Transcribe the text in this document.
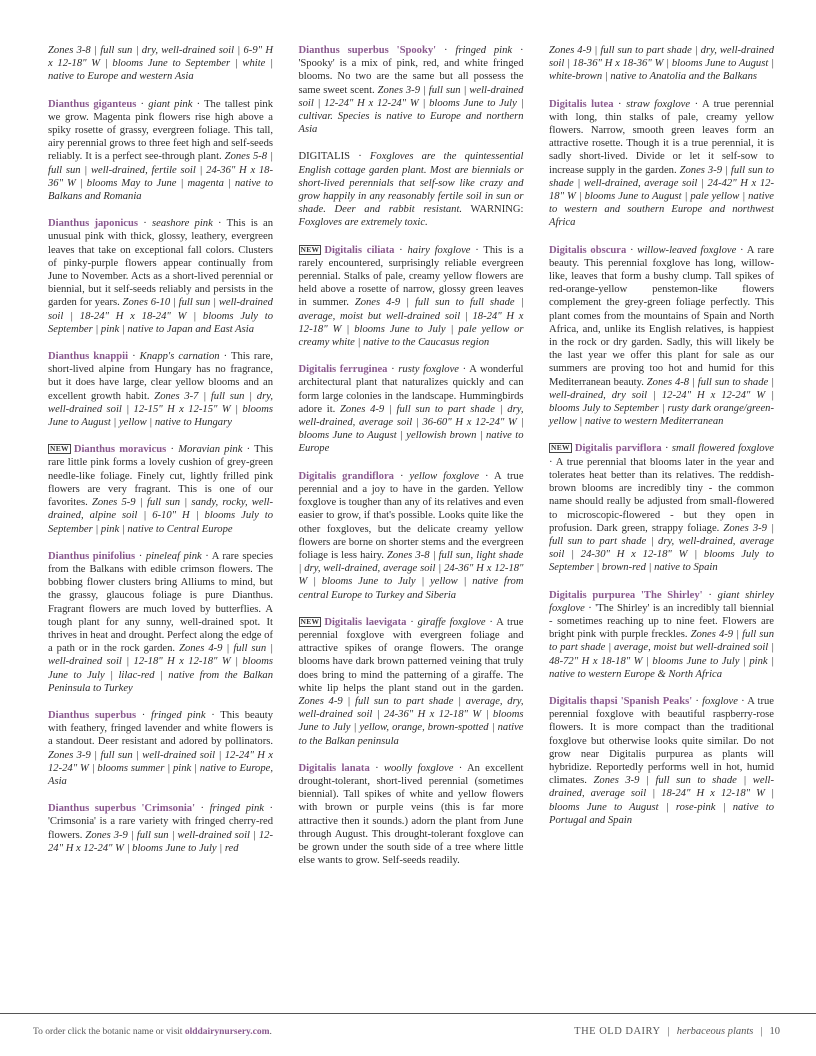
Zones 3-8 | full sun | dry, well-drained soil | 6-9" H x 12-18" W | blooms June to September | white | native to Europe and western Asia

Dianthus giganteus · giant pink · The tallest pink we grow. Magenta pink flowers rise high above a spiky rosette of grassy, evergreen foliage. This tall, airy perennial grows to three feet high and self-seeds reliably. It is a perfect see-through plant. Zones 5-8 | full sun | well-drained, fertile soil | 24-36" H x 18-36" W | blooms May to June | magenta | native to Balkans and Romania

Dianthus japonicus · seashore pink · This is an unusual pink with thick, glossy, leathery, evergreen leaves that take on exceptional fall colors. Clusters of pinky-purple flowers appear continually from June to November. Acts as a short-lived perennial or biennial, but it self-seeds reliably and persists in the garden for years. Zones 6-10 | full sun | well-drained soil | 18-24" H x 18-24" W | blooms July to September | pink | native to Japan and East Asia

Dianthus knappii · Knapp's carnation · This rare, short-lived alpine from Hungary has no fragrance, but it does have large, clear yellow blooms and an excellent growth habit. Zones 3-7 | full sun | dry, well-drained soil | 12-15" H x 12-15" W | blooms June to August | yellow | native to Hungary

NEW Dianthus moravicus · Moravian pink · This rare little pink forms a lovely cushion of grey-green needle-like foliage. Finely cut, lightly frilled pink flowers are very fragrant. This is one of our favorites. Zones 5-9 | full sun | sandy, rocky, well-drained, alpine soil | 6-10" H | blooms July to September | pink | native to Central Europe

Dianthus pinifolius · pineleaf pink · A rare species from the Balkans with edible crimson flowers. The bobbing flower clusters bring Alliums to mind, but the grassy, glaucous foliage is pure Dianthus. Fragrant flowers are much loved by butterflies. A tough plant for any sunny, well-drained spot. It thrives in heat and drought. Perfect along the edge of a path or in the rock garden. Zones 4-9 | full sun | well-drained soil | 12-18" H x 12-18" W | blooms June to July | lilac-red | native from the Balkan Peninsula to Turkey

Dianthus superbus · fringed pink · This beauty with feathery, fringed lavender and white flowers is a standout. Deer resistant and adored by pollinators. Zones 3-9 | full sun | well-drained soil | 12-24" H x 12-24" W | blooms summer | pink | native to Europe, Asia

Dianthus superbus 'Crimsonia' · fringed pink · 'Crimsonia' is a rare variety with fringed cherry-red flowers. Zones 3-9 | full sun | well-drained soil | 12-24" H x 12-24" W | blooms June to July | red

Dianthus superbus 'Spooky' · fringed pink · 'Spooky' is a mix of pink, red, and white fringed blooms. No two are the same but all possess the same sweet scent. Zones 3-9 | full sun | well-drained soil | 12-24" H x 12-24" W | blooms June to July | cultivar. Species is native to Europe and northern Asia

DIGITALIS · Foxgloves are the quintessential English cottage garden plant. Most are biennials or short-lived perennials that self-sow like crazy and grow happily in any reasonably fertile soil in sun or shade. Deer and rabbit resistant. WARNING: Foxgloves are extremely toxic.

NEW Digitalis ciliata · hairy foxglove · This is a rarely encountered, surprisingly reliable evergreen perennial. Stalks of pale, creamy yellow flowers are held above a rosette of narrow, glossy green leaves in summer. Zones 4-9 | full sun to full shade | average, moist but well-drained soil | 18-24" H x 12-18" W | blooms June to July | pale yellow or creamy white | native to the Caucasus region

Digitalis ferruginea · rusty foxglove · A wonderful architectural plant that naturalizes quickly and can form large colonies in the landscape. Hummingbirds adore it. Zones 4-9 | full sun to part shade | dry, well-drained, average soil | 36-60" H x 12-24" W | blooms June to August | yellowish brown | native to Europe

Digitalis grandiflora · yellow foxglove · A true perennial and a joy to have in the garden. Yellow foxglove is tougher than any of its relatives and even easier to grow, if that's possible. Looks quite like the other foxgloves, but the delicate creamy yellow flowers are borne on shorter stems and the evergreen foliage is less hairy. Zones 3-8 | full sun, light shade | dry, well-drained, average soil | 24-36" H x 12-18" W | blooms June to July | yellow | native from central Europe to Turkey and Siberia

NEW Digitalis laevigata · giraffe foxglove · A true perennial foxglove with evergreen foliage and attractive spikes of orange flowers. The orange blooms have dark brown patterned veining that truly does bring to mind the patterning of a giraffe. The white lip helps the plant stand out in the garden. Zones 4-9 | full sun to part shade | average, dry, well-drained soil | 24-36" H x 12-18" W | blooms June to July | yellow, orange, brown-spotted | native to the Balkan peninsula

Digitalis lanata · woolly foxglove · An excellent drought-tolerant, short-lived perennial (sometimes biennial). Tall spikes of white and yellow flowers with brown or purple veins (this is far more attractive then it sounds.) adorn the plant from June through August. This drought-tolerant foxglove can be grown under the south side of a tree where little else wants to grow. Self-seeds readily.

Zones 4-9 | full sun to part shade | dry, well-drained soil | 18-36" H x 18-36" W | blooms June to August | white-brown | native to Anatolia and the Balkans

Digitalis lutea · straw foxglove · A true perennial with long, thin stalks of pale, creamy yellow flowers. Narrow, smooth green leaves form an attractive rosette. Though it is a true perennial, it is sadly short-lived. Divide or let it self-sow to increase supply in the garden. Zones 3-9 | full sun to shade | well-drained, average soil | 24-42" H x 12-18" W | blooms June to August | pale yellow | native to western and southern Europe and northwest Africa

Digitalis obscura · willow-leaved foxglove · A rare beauty. This perennial foxglove has long, willow-like, leaves that form a bushy clump. Tall spikes of red-orange-yellow penstemon-like flowers complement the grey-green foliage perfectly. This plant comes from the mountains of Spain and North Africa, and, unlike its English relatives, is happiest in the rock or dry garden. Sadly, this will likely be the last year we offer this plant for sale as our summers are proving too hot and humid for this Mediterranean beauty. Zones 4-8 | full sun to shade | well-drained, dry soil | 12-24" H x 12-24" W | blooms July to September | rusty dark orange/green-yellow | native to western Mediterranean

NEW Digitalis parviflora · small flowered foxglove · A true perennial that blooms later in the year and tolerates heat better than its relatives. The reddish-brown blooms are incredibly tiny - the common name should really be adjusted from small-flowered to microscopic-flowered - but they open in profusion. Dark green, strappy foliage. Zones 3-9 | full sun to part shade | dry, well-drained, average soil | 24-30" H x 12-18" W | blooms July to September | brown-red | native to Spain

Digitalis purpurea 'The Shirley' · giant shirley foxglove · 'The Shirley' is an incredibly tall biennial - sometimes reaching up to nine feet. Flowers are bright pink with purple freckles. Zones 4-9 | full sun to part shade | average, moist but well-drained soil | 48-72" H x 18-18" W | blooms June to July | pink | native to western Europe & North Africa

Digitalis thapsi 'Spanish Peaks' · foxglove · A true perennial foxglove with beautiful raspberry-rose flowers. It is more compact than the traditional foxglove but otherwise looks quite similar. Do not grow near Digitalis purpurea as plants will hybridize. Reportedly performs well in hot, humid climates. Zones 3-9 | full sun to shade | well-drained, average soil | 18-24" H x 12-18" W | blooms June to August | rose-pink | native to Portugal and Spain

To order click the botanic name or visit olddairynursery.com.	THE OLD DAIRY | herbaceous plants | 10
